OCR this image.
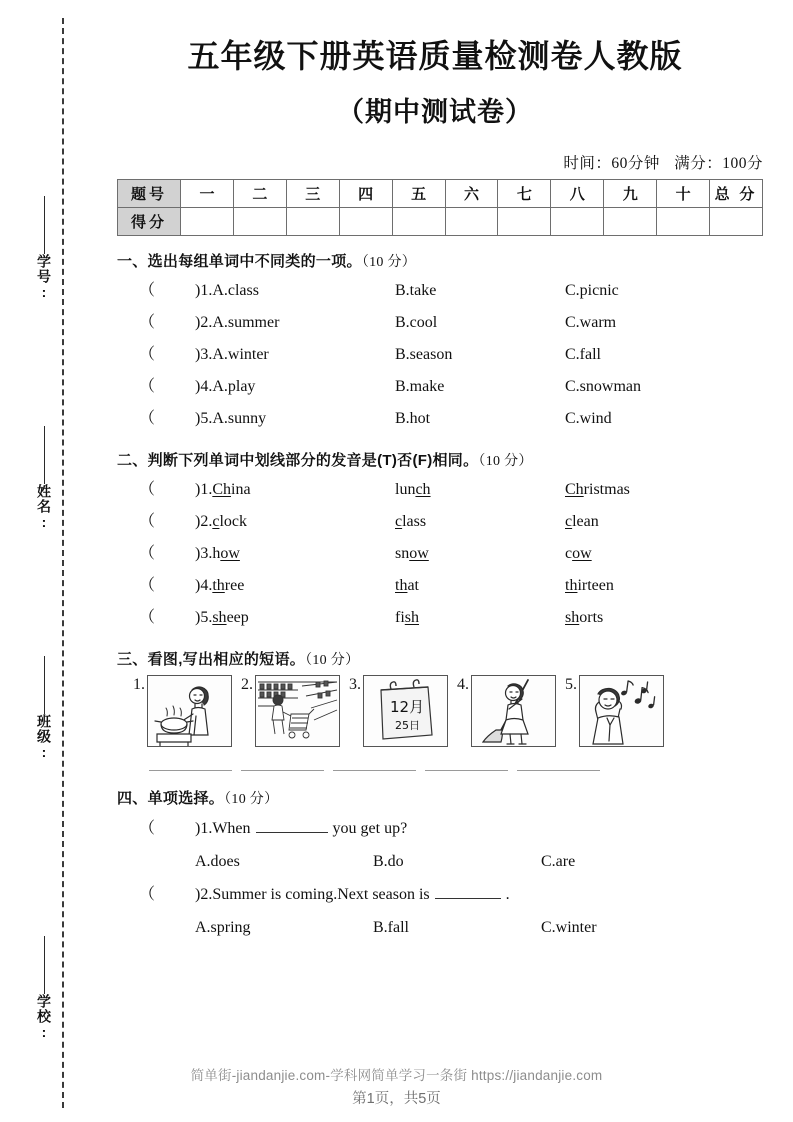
学号:
姓名:
班级:
学校:
五年级下册英语质量检测卷人教版
（期中测试卷）
时间：60分钟 满分：100分
题号	一	二	三	四	五	六	七	八	九	十	总 分
得分											
一、选出每组单词中不同类的一项。（10 分）
（	)1.A.class	B.take	C.picnic
（	)2.A.summer	B.cool	C.warm
（	)3.A.winter	B.season	C.fall
（	)4.A.play	B.make	C.snowman
（	)5.A.sunny	B.hot	C.wind
二、判断下列单词中划线部分的发音是(T)否(F)相同。（10 分）
（	)1.China	lunch	Christmas
（	)2.clock	class	clean
（	)3.how	snow	cow
（	)4.three	that	thirteen
（	)5.sheep	fish	shorts
三、看图,写出相应的短语。（10 分）
1.	2.	3.
12月
25日
4.	5.
四、单项选择。（10 分）
（	)1.When	you get up?
A.does	B.do	C.are
（	)2.Summer is coming.Next season is	.
A.spring	B.fall	C.winter
简单街-jiandanjie.com-学科网简单学习一条街 https://jiandanjie.com
第1页，共5页
